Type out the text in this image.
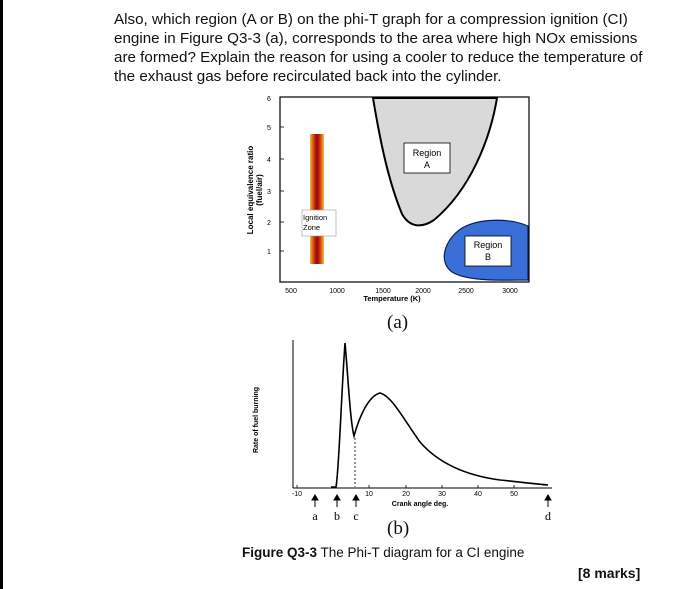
Also, which region (A or B) on the phi-T graph for a compression ignition (CI) engine in Figure Q3-3 (a), corresponds to the area where high NOx emissions are formed? Explain the reason for using a cooler to reduce the temperature of the exhaust gas before recirculated back into the cylinder.

1
2
3
4
5
6
Local equivalence ratio (fuel/air)
500	1000	1500	2000	2500	3000
Temperature (K)
Region
A
Region
B
Ignition
Zone
Rate of fuel burning
-10	10	20	30	40	50
Crank angle deg.
a b c	d
(a)
(b)
Figure Q3-3 The Phi-T diagram for a CI engine
[8 marks]
